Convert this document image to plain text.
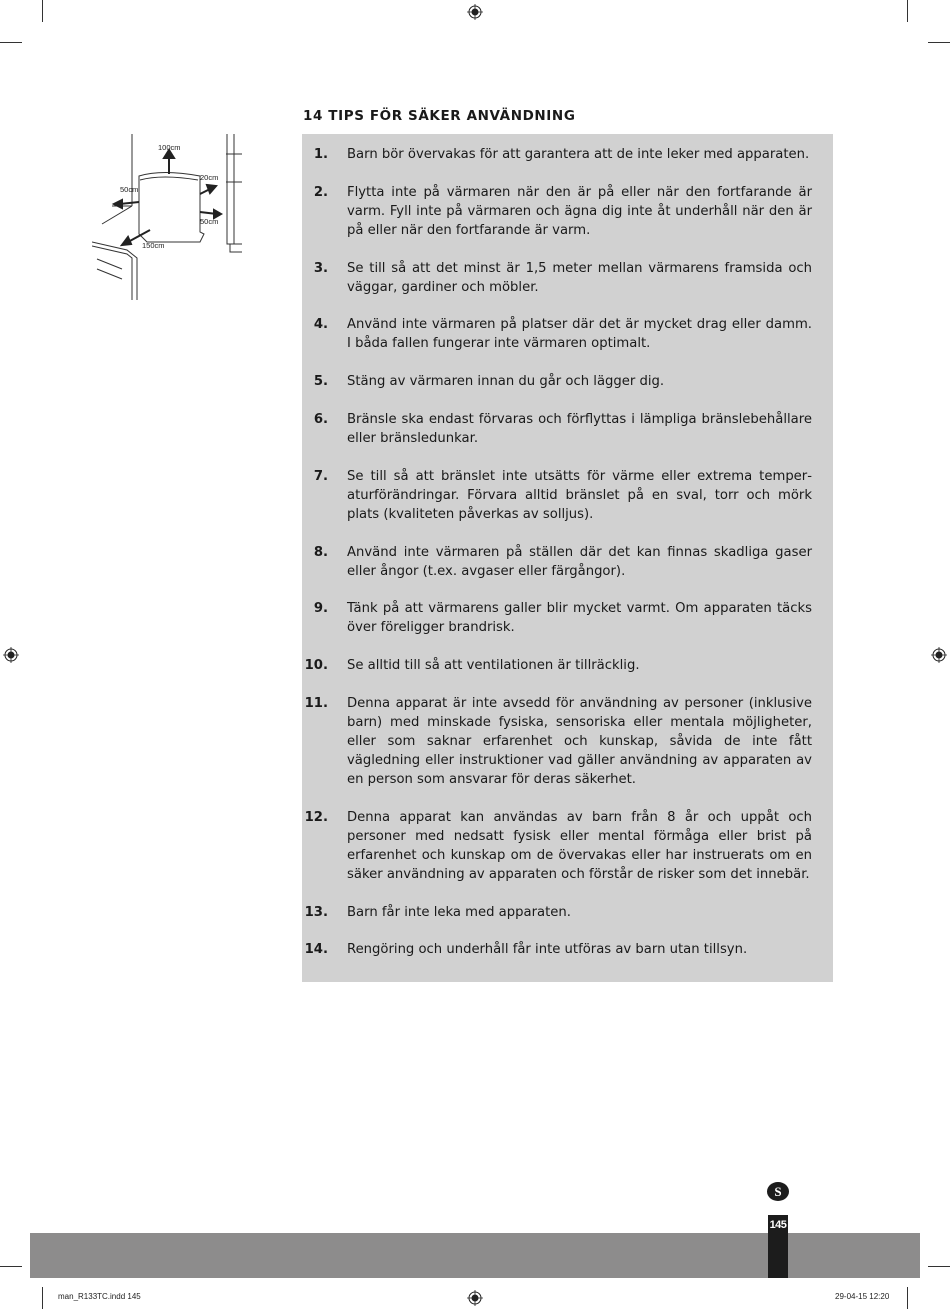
100cm
20cm
50cm
50cm
150cm
14 TIPS FÖR SÄKER ANVÄNDNING
1. Barn bör övervakas för att garantera att de inte leker med apparaten.
2. Flytta inte på värmaren när den är på eller när den fortfarande är varm. Fyll inte på värmaren och ägna dig inte åt underhåll när den är på eller när den fortfarande är varm.
3. Se till så att det minst är 1,5 meter mellan värmarens framsida och väggar, gardiner och möbler.
4. Använd inte värmaren på platser där det är mycket drag eller damm. I båda fallen fungerar inte värmaren optimalt.
5. Stäng av värmaren innan du går och lägger dig.
6. Bränsle ska endast förvaras och förflyttas i lämpliga bränslebehållare eller bränsledunkar.
7. Se till så att bränslet inte utsätts för värme eller extrema temperaturförändringar. Förvara alltid bränslet på en sval, torr och mörk plats (kvaliteten påverkas av solljus).
8. Använd inte värmaren på ställen där det kan finnas skadliga gaser eller ångor (t.ex. avgaser eller färgångor).
9. Tänk på att värmarens galler blir mycket varmt. Om apparaten täcks över föreligger brandrisk.
10. Se alltid till så att ventilationen är tillräcklig.
11. Denna apparat är inte avsedd för användning av personer (inklusive barn) med minskade fysiska, sensoriska eller mentala möjligheter, eller som saknar erfarenhet och kunskap, såvida de inte fått vägledning eller instruktioner vad gäller användning av apparaten av en person som ansvarar för deras säkerhet.
12. Denna apparat kan användas av barn från 8 år och uppåt och personer med nedsatt fysisk eller mental förmåga eller brist på erfarenhet och kunskap om de övervakas eller har instruerats om en säker användning av apparaten och förstår de risker som det innebär.
13. Barn får inte leka med apparaten.
14. Rengöring och underhåll får inte utföras av barn utan tillsyn.
S
145
man_R133TC.indd 145	29-04-15 12:20
